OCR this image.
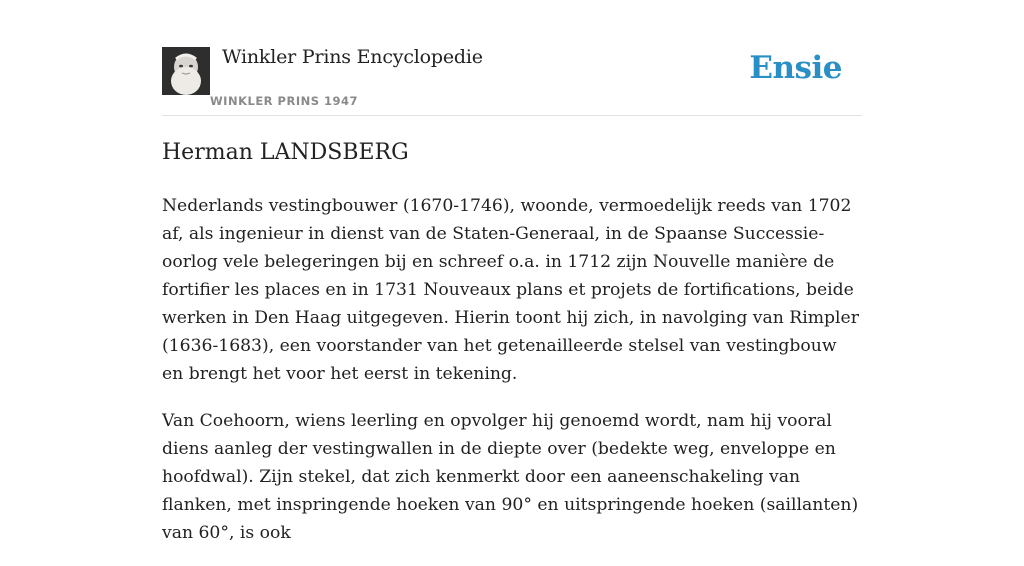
Winkler Prins Encyclopedie
WINKLER PRINS 1947
Ensie
Herman LANDSBERG

Nederlands vestingbouwer (1670-1746), woonde, vermoedelijk reeds van 1702 af, als ingenieur in dienst van de Staten-Generaal, in de Spaanse Successie-oorlog vele belegeringen bij en schreef o.a. in 1712 zijn Nouvelle manière de fortifier les places en in 1731 Nouveaux plans et projets de fortifications, beide werken in Den Haag uitgegeven. Hierin toont hij zich, in navolging van Rimpler (1636-1683), een voorstander van het getenailleerde stelsel van vestingbouw en brengt het voor het eerst in tekening.

Van Coehoorn, wiens leerling en opvolger hij genoemd wordt, nam hij vooral diens aanleg der vestingwallen in de diepte over (bedekte weg, enveloppe en hoofdwal). Zijn stekel, dat zich kenmerkt door een aaneenschakeling van flanken, met inspringende hoeken van 90° en uitspringende hoeken (saillanten) van 60°, is ook
